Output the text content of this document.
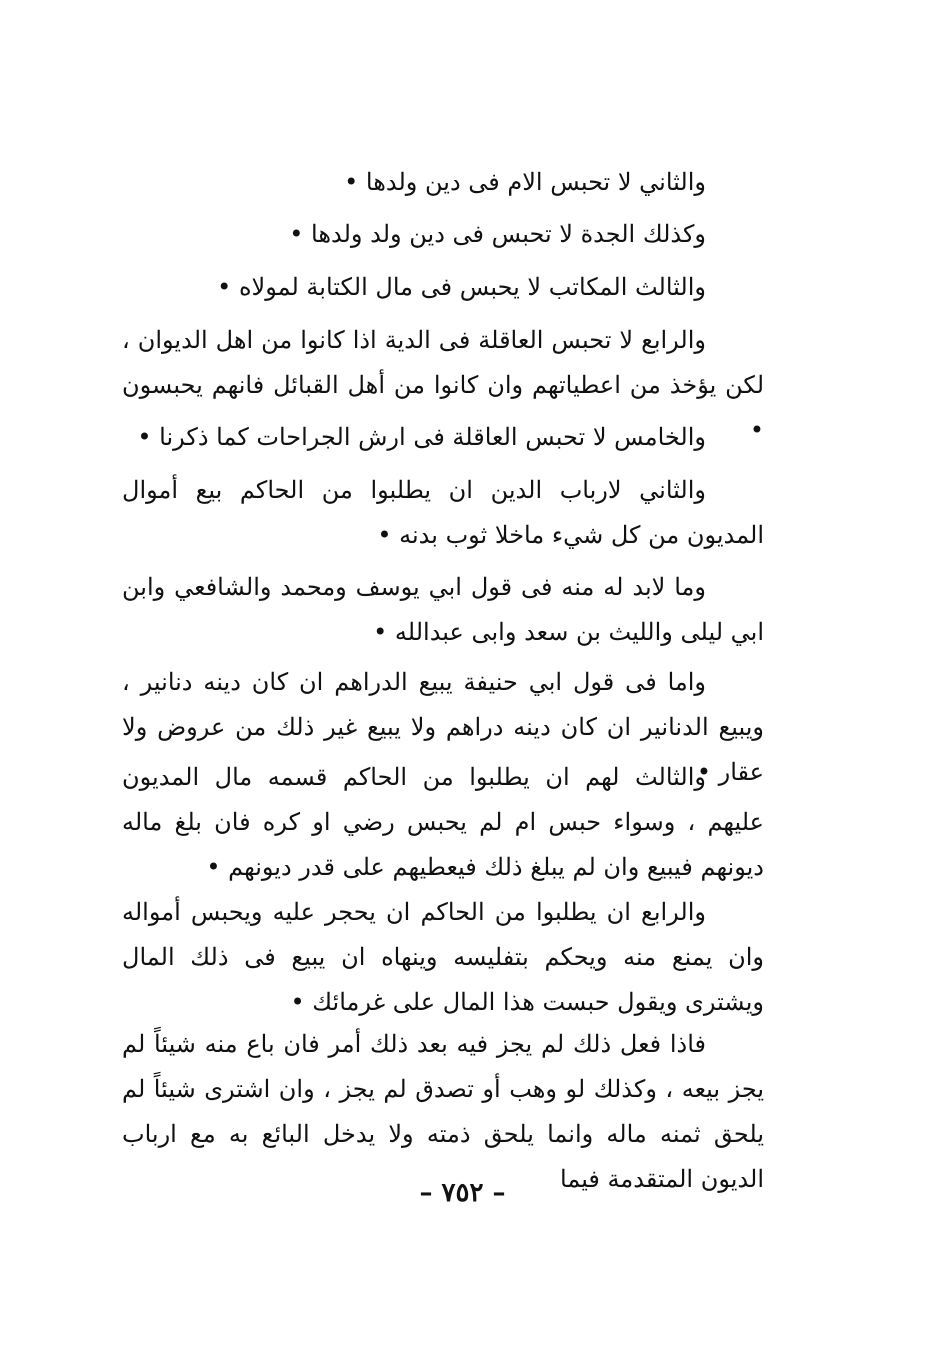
والثاني لا تحبس الام فى دين ولدها •
وكذلك الجدة لا تحبس فى دين ولد ولدها •
والثالث المكاتب لا يحبس فى مال الكتابة لمولاه •
والرابع لا تحبس العاقلة فى الدية اذا كانوا من اهل الديوان ، لكن يؤخذ من اعطياتهم وان كانوا من أهل القبائل فانهم يحبسون •
والخامس لا تحبس العاقلة فى ارش الجراحات كما ذكرنا •
والثاني لارباب الدين ان يطلبوا من الحاكم بيع أموال المديون من كل شيء ماخلا ثوب بدنه •
وما لابد له منه فى قول ابي يوسف ومحمد والشافعي وابن ابي ليلى والليث بن سعد وابى عبدالله •
واما فى قول ابي حنيفة يبيع الدراهم ان كان دينه دنانير ، ويبيع الدنانير ان كان دينه دراهم ولا يبيع غير ذلك من عروض ولا عقار •
والثالث لهم ان يطلبوا من الحاكم قسمه مال المديون عليهم ، وسواء حبس ام لم يحبس رضي او كره فان بلغ ماله ديونهم فيبيع وان لم يبلغ ذلك فيعطيهم على قدر ديونهم •
والرابع ان يطلبوا من الحاكم ان يحجر عليه ويحبس أمواله وان يمنع منه ويحكم بتفليسه وينهاه ان يبيع فى ذلك المال ويشترى ويقول حبست هذا المال على غرمائك •
فاذا فعل ذلك لم يجز فيه بعد ذلك أمر فان باع منه شيئاً لم يجز بيعه ، وكذلك لو وهب أو تصدق لم يجز ، وان اشترى شيئاً لم يلحق ثمنه ماله وانما يلحق ذمته ولا يدخل البائع به مع ارباب الديون المتقدمة فيما
– ٧٥٢ –
